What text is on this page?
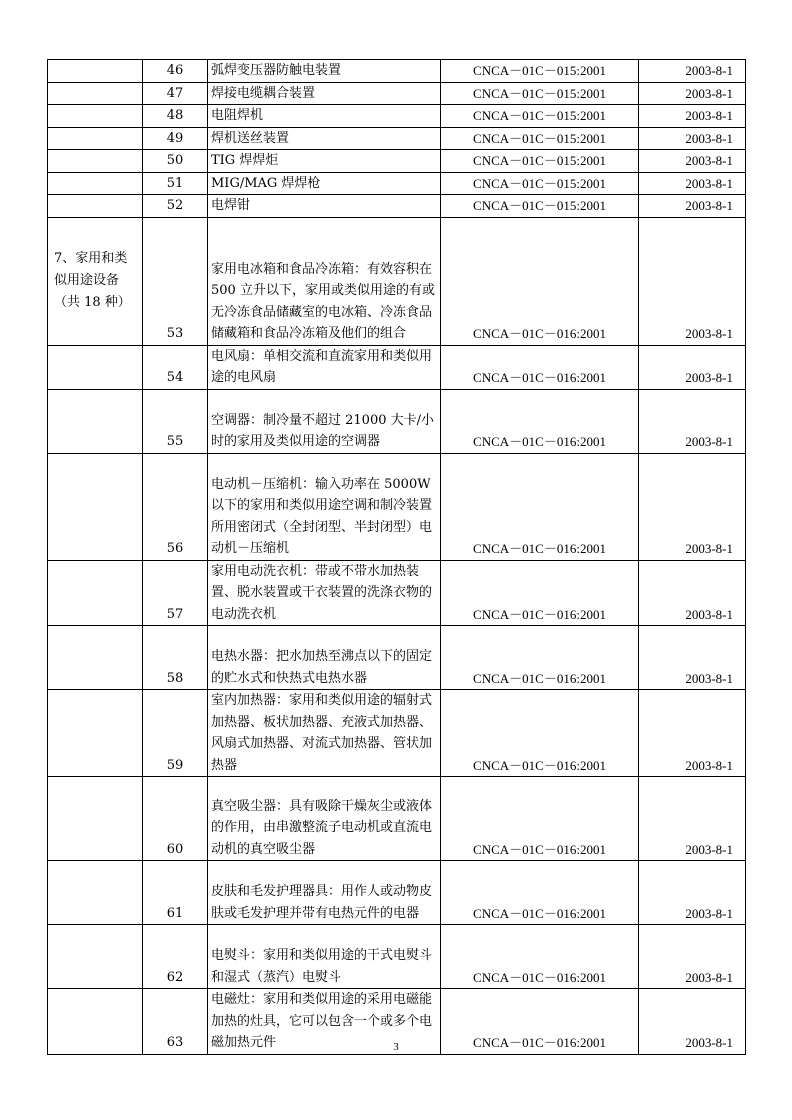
	46	弧焊变压器防触电装置	CNCA－01C－015:2001	2003-8-1
	47	焊接电缆耦合装置	CNCA－01C－015:2001	2003-8-1
	48	电阻焊机	CNCA－01C－015:2001	2003-8-1
	49	焊机送丝装置	CNCA－01C－015:2001	2003-8-1
	50	TIG 焊焊炬	CNCA－01C－015:2001	2003-8-1
	51	MIG/MAG 焊焊枪	CNCA－01C－015:2001	2003-8-1
	52	电焊钳	CNCA－01C－015:2001	2003-8-1
7、家用和类似用途设备（共 18 种）	53	家用电冰箱和食品冷冻箱：有效容积在 500 立升以下，家用或类似用途的有或无冷冻食品储藏室的电冰箱、冷冻食品储藏箱和食品冷冻箱及他们的组合	CNCA－01C－016:2001	2003-8-1
	54	电风扇：单相交流和直流家用和类似用途的电风扇	CNCA－01C－016:2001	2003-8-1
	55	空调器：制冷量不超过 21000 大卡/小时的家用及类似用途的空调器	CNCA－01C－016:2001	2003-8-1
	56	电动机－压缩机：输入功率在 5000W 以下的家用和类似用途空调和制冷装置所用密闭式（全封闭型、半封闭型）电动机－压缩机	CNCA－01C－016:2001	2003-8-1
	57	家用电动洗衣机：带或不带水加热装置、脱水装置或干衣装置的洗涤衣物的电动洗衣机	CNCA－01C－016:2001	2003-8-1
	58	电热水器：把水加热至沸点以下的固定的贮水式和快热式电热水器	CNCA－01C－016:2001	2003-8-1
	59	室内加热器：家用和类似用途的辐射式加热器、板状加热器、充液式加热器、风扇式加热器、对流式加热器、管状加热器	CNCA－01C－016:2001	2003-8-1
	60	真空吸尘器：具有吸除干燥灰尘或液体的作用，由串激整流子电动机或直流电动机的真空吸尘器	CNCA－01C－016:2001	2003-8-1
	61	皮肤和毛发护理器具：用作人或动物皮肤或毛发护理并带有电热元件的电器	CNCA－01C－016:2001	2003-8-1
	62	电熨斗：家用和类似用途的干式电熨斗和湿式（蒸汽）电熨斗	CNCA－01C－016:2001	2003-8-1
	63	电磁灶：家用和类似用途的采用电磁能加热的灶具，它可以包含一个或多个电磁加热元件	CNCA－01C－016:2001	2003-8-1
3
